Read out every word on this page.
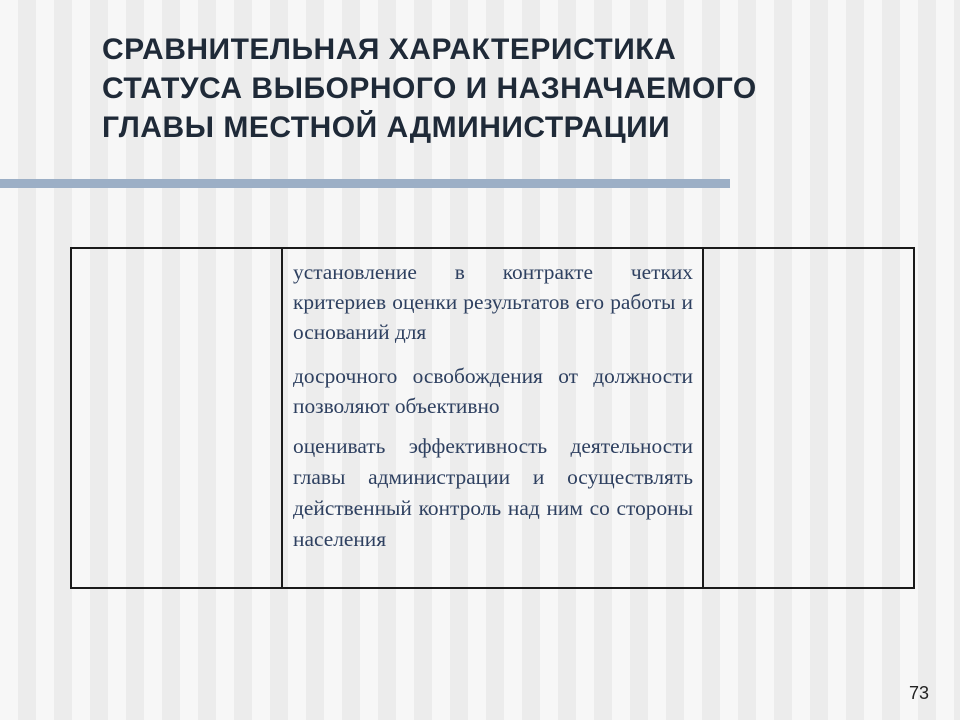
СРАВНИТЕЛЬНАЯ ХАРАКТЕРИСТИКА
СТАТУСА ВЫБОРНОГО И НАЗНАЧАЕМОГО
ГЛАВЫ МЕСТНОЙ АДМИНИСТРАЦИИ

установление в контракте четких критериев оценки результатов его работы и оснований для

досрочного освобождения от должности позволяют объективно

оценивать эффективность деятельности главы администрации и осуществлять действенный контроль над ним со стороны населения

73
